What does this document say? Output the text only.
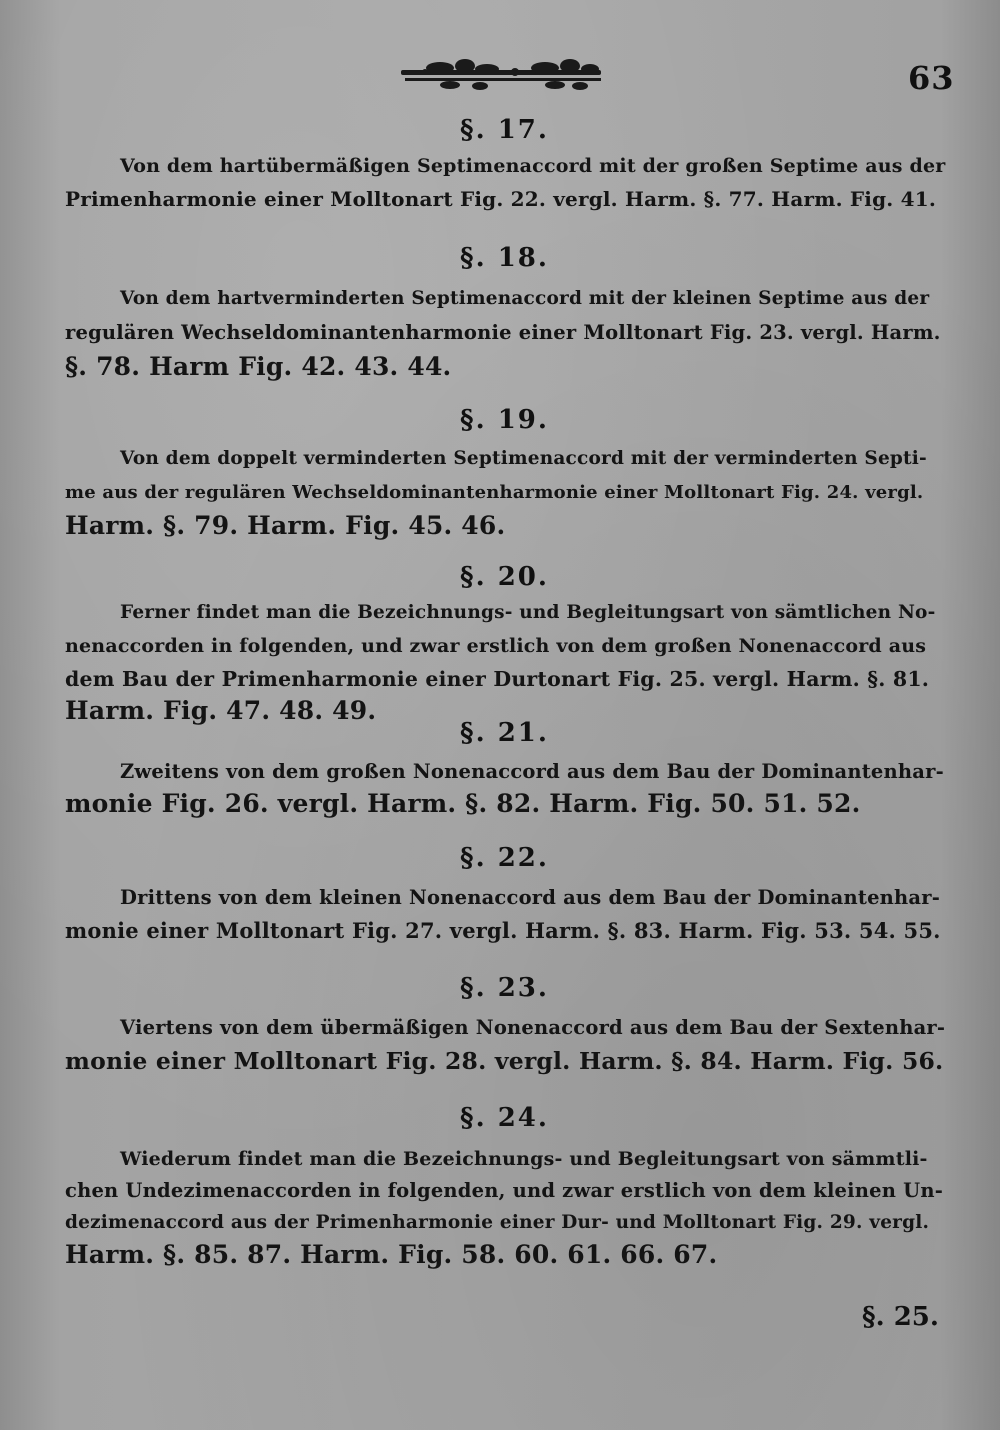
63
§. 17.
Von dem hartübermäßigen Septimenaccord mit der großen Septime aus der
Primenharmonie einer Molltonart Fig. 22. vergl. Harm. §. 77. Harm. Fig. 41.
§. 18.
Von dem hartverminderten Septimenaccord mit der kleinen Septime aus der
regulären Wechseldominantenharmonie einer Molltonart Fig. 23. vergl. Harm.
§. 78. Harm Fig. 42. 43. 44.
§. 19.
Von dem doppelt verminderten Septimenaccord mit der verminderten Septi-
me aus der regulären Wechseldominantenharmonie einer Molltonart Fig. 24. vergl.
Harm. §. 79. Harm. Fig. 45. 46.
§. 20.
Ferner findet man die Bezeichnungs- und Begleitungsart von sämtlichen No-
nenaccorden in folgenden, und zwar erstlich von dem großen Nonenaccord aus
dem Bau der Primenharmonie einer Durtonart Fig. 25. vergl. Harm. §. 81.
Harm. Fig. 47. 48. 49.
§. 21.
Zweitens von dem großen Nonenaccord aus dem Bau der Dominantenhar-
monie Fig. 26. vergl. Harm. §. 82. Harm. Fig. 50. 51. 52.
§. 22.
Drittens von dem kleinen Nonenaccord aus dem Bau der Dominantenhar-
monie einer Molltonart Fig. 27. vergl. Harm. §. 83. Harm. Fig. 53. 54. 55.
§. 23.
Viertens von dem übermäßigen Nonenaccord aus dem Bau der Sextenhar-
monie einer Molltonart Fig. 28. vergl. Harm. §. 84. Harm. Fig. 56.
§. 24.
Wiederum findet man die Bezeichnungs- und Begleitungsart von sämmtli-
chen Undezimenaccorden in folgenden, und zwar erstlich von dem kleinen Un-
dezimenaccord aus der Primenharmonie einer Dur- und Molltonart Fig. 29. vergl.
Harm. §. 85. 87. Harm. Fig. 58. 60. 61. 66. 67.
§. 25.
